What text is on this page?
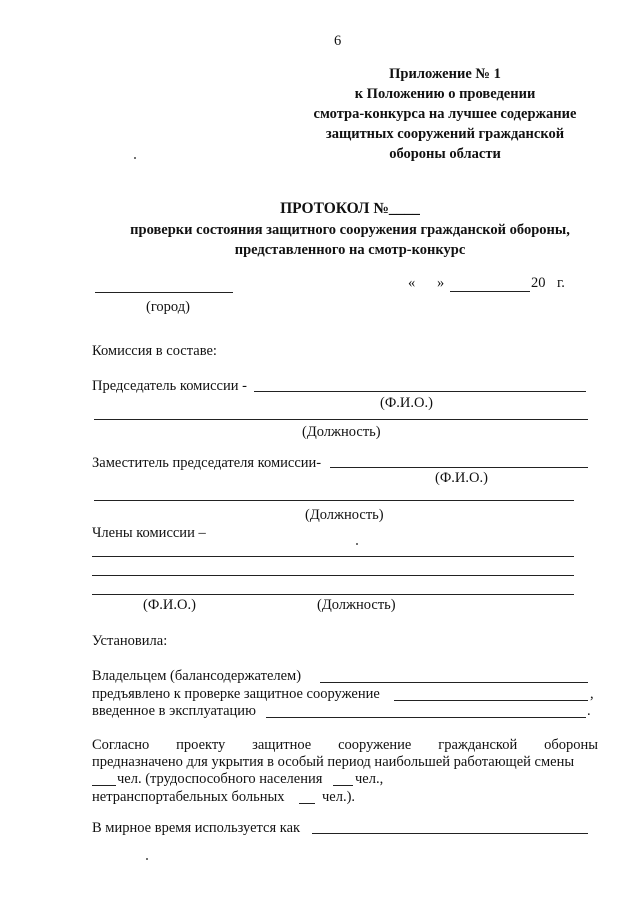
6
Приложение № 1
к Положению о проведении
смотра-конкурса на лучшее содержание
защитных сооружений гражданской
обороны области
ПРОТОКОЛ №____
проверки состояния защитного сооружения гражданской обороны,
представленного на смотр-конкурс
(город)
« »	20 г.
Комиссия в составе:
Председатель комиссии -
(Ф.И.О.)
(Должность)
Заместитель председателя комиссии-
(Ф.И.О.)
(Должность)
Члены комиссии –
(Ф.И.О.)	(Должность)
Установила:
Владельцем (балансодержателем)
предъявлено к проверке защитное сооружение	,
введенное в эксплуатацию	.
Согласно проекту защитное сооружение гражданской обороны
предназначено для укрытия в особый период наибольшей работающей смены
чел. (трудоспособного населения чел.,
нетранспортабельных больных	чел.).
В мирное время используется как
